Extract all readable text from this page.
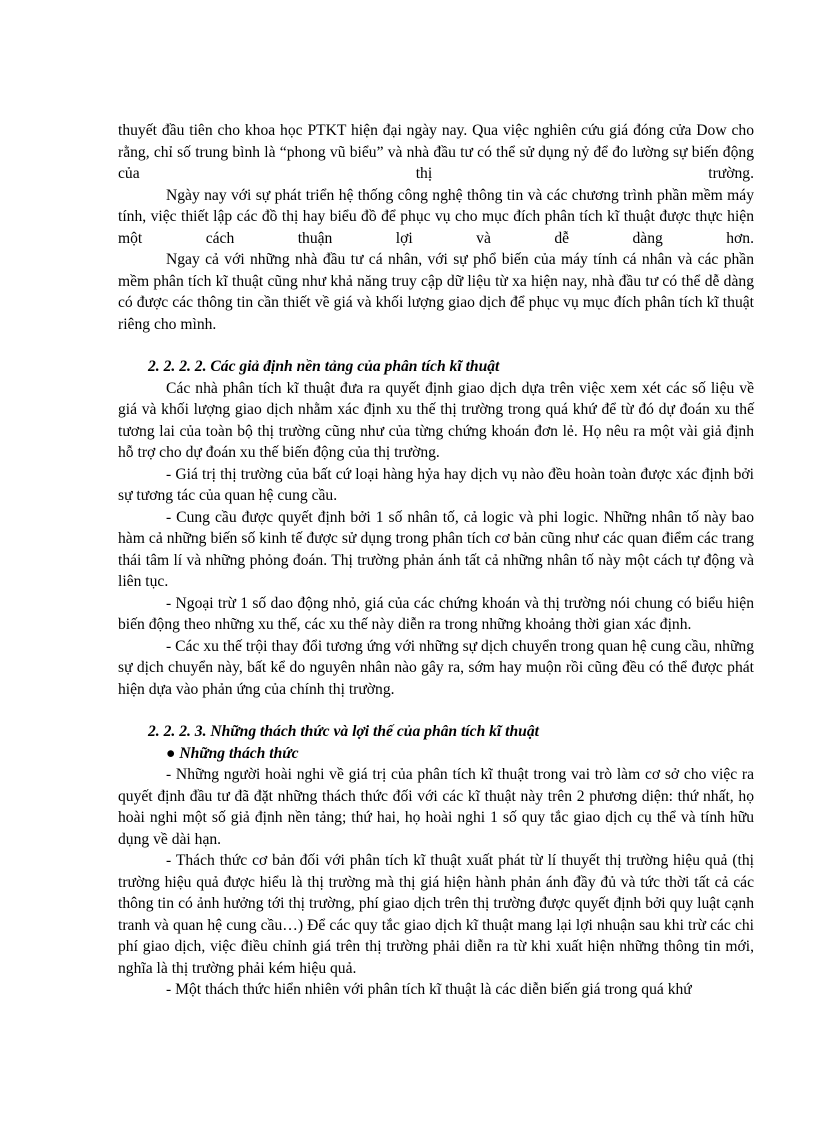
thuyết đầu tiên cho khoa học PTKT hiện đại ngày nay. Qua việc nghiên cứu giá đóng cửa Dow cho rằng, chỉ số trung bình là “phong vũ biểu” và nhà đầu tư có thể sử dụng nỷ để đo lường sự biến động của thị trường.

Ngày nay với sự phát triển hệ thống công nghệ thông tin và các chương trình phần mềm máy tính, việc thiết lập các đồ thị hay biểu đồ để phục vụ cho mục đích phân tích kĩ thuật được thực hiện một cách thuận lợi và dễ dàng hơn.

Ngay cả với những nhà đầu tư cá nhân, với sự phổ biến của máy tính cá nhân và các phần mềm phân tích kĩ thuật cũng như khả năng truy cập dữ liệu từ xa hiện nay, nhà đầu tư có thể dễ dàng có được các thông tin cần thiết về giá và khối lượng giao dịch để phục vụ mục đích phân tích kĩ thuật riêng cho mình.

2. 2. 2. 2. Các giả định nền tảng của phân tích kĩ thuật

Các nhà phân tích kĩ thuật đưa ra quyết định giao dịch dựa trên việc xem xét các số liệu về giá và khối lượng giao dịch nhằm xác định xu thế thị trường trong quá khứ để từ đó dự đoán xu thế tương lai của toàn bộ thị trường cũng như của từng chứng khoán đơn lẻ. Họ nêu ra một vài giả định hỗ trợ cho dự đoán xu thế biến động của thị trường.

- Giá trị thị trường của bất cứ loại hàng hỷa hay dịch vụ nào đều hoàn toàn được xác định bởi sự tương tác của quan hệ cung cầu.

- Cung cầu được quyết định bởi 1 số nhân tố, cả logic và phi logic. Những nhân tố này bao hàm cả những biến số kinh tế được sử dụng trong phân tích cơ bản cũng như các quan điểm các trang thái tâm lí và những phỏng đoán. Thị trường phản ánh tất cả những nhân tố này một cách tự động và liên tục.

- Ngoại trừ 1 số dao động nhỏ, giá của các chứng khoán và thị trường nói chung có biểu hiện biến động theo những xu thế, các xu thế này diễn ra trong những khoảng thời gian xác định.

- Các xu thế trội thay đổi tương ứng với những sự dịch chuyển trong quan hệ cung cầu, những sự dịch chuyển này, bất kể do nguyên nhân nào gây ra, sớm hay muộn rồi cũng đều có thể được phát hiện dựa vào phản ứng của chính thị trường.

2. 2. 2. 3. Những thách thức và lợi thế của phân tích kĩ thuật

● Những thách thức

- Những người hoài nghi về giá trị của phân tích kĩ thuật trong vai trò làm cơ sở cho việc ra quyết định đầu tư đã đặt những thách thức đối với các kĩ thuật này trên 2 phương diện: thứ nhất, họ hoài nghi một số giả định nền tảng; thứ hai, họ hoài nghi 1 số quy tắc giao dịch cụ thể và tính hữu dụng về dài hạn.

- Thách thức cơ bản đối với phân tích kĩ thuật xuất phát từ lí thuyết thị trường hiệu quả (thị trường hiệu quả được hiểu là thị trường mà thị giá hiện hành phản ánh đầy đủ và tức thời tất cả các thông tin có ảnh hưởng tới thị trường, phí giao dịch trên thị trường được quyết định bởi quy luật cạnh tranh và quan hệ cung cầu…) Để các quy tắc giao dịch kĩ thuật mang lại lợi nhuận sau khi trừ các chi phí giao dịch, việc điều chỉnh giá trên thị trường phải diễn ra từ khi xuất hiện những thông tin mới, nghĩa là thị trường phải kém hiệu quả.

- Một thách thức hiển nhiên với phân tích kĩ thuật là các diễn biến giá trong quá khứ
